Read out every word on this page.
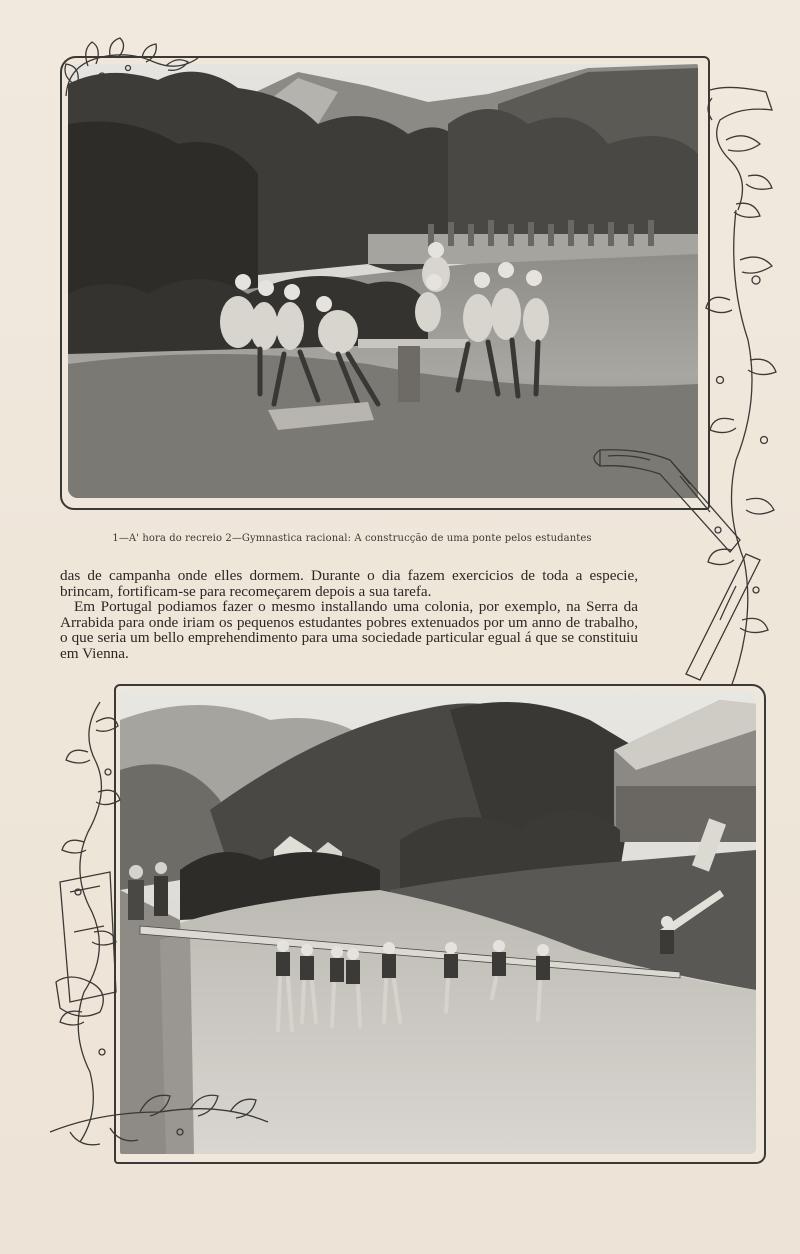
1—A' hora do recreio 2—Gymnastica racional: A construcção de uma ponte pelos estudantes

das de campanha onde elles dormem. Durante o dia fazem exercicios de toda a especie, brincam, fortificam-se para recomeçarem depois a sua tarefa.

Em Portugal podiamos fazer o mesmo installando uma colonia, por exemplo, na Serra da Arrabida para onde iriam os pequenos estudantes pobres extenuados por um anno de trabalho, o que seria um bello emprehendimento para uma sociedade particular egual á que se constituiu em Vienna.
